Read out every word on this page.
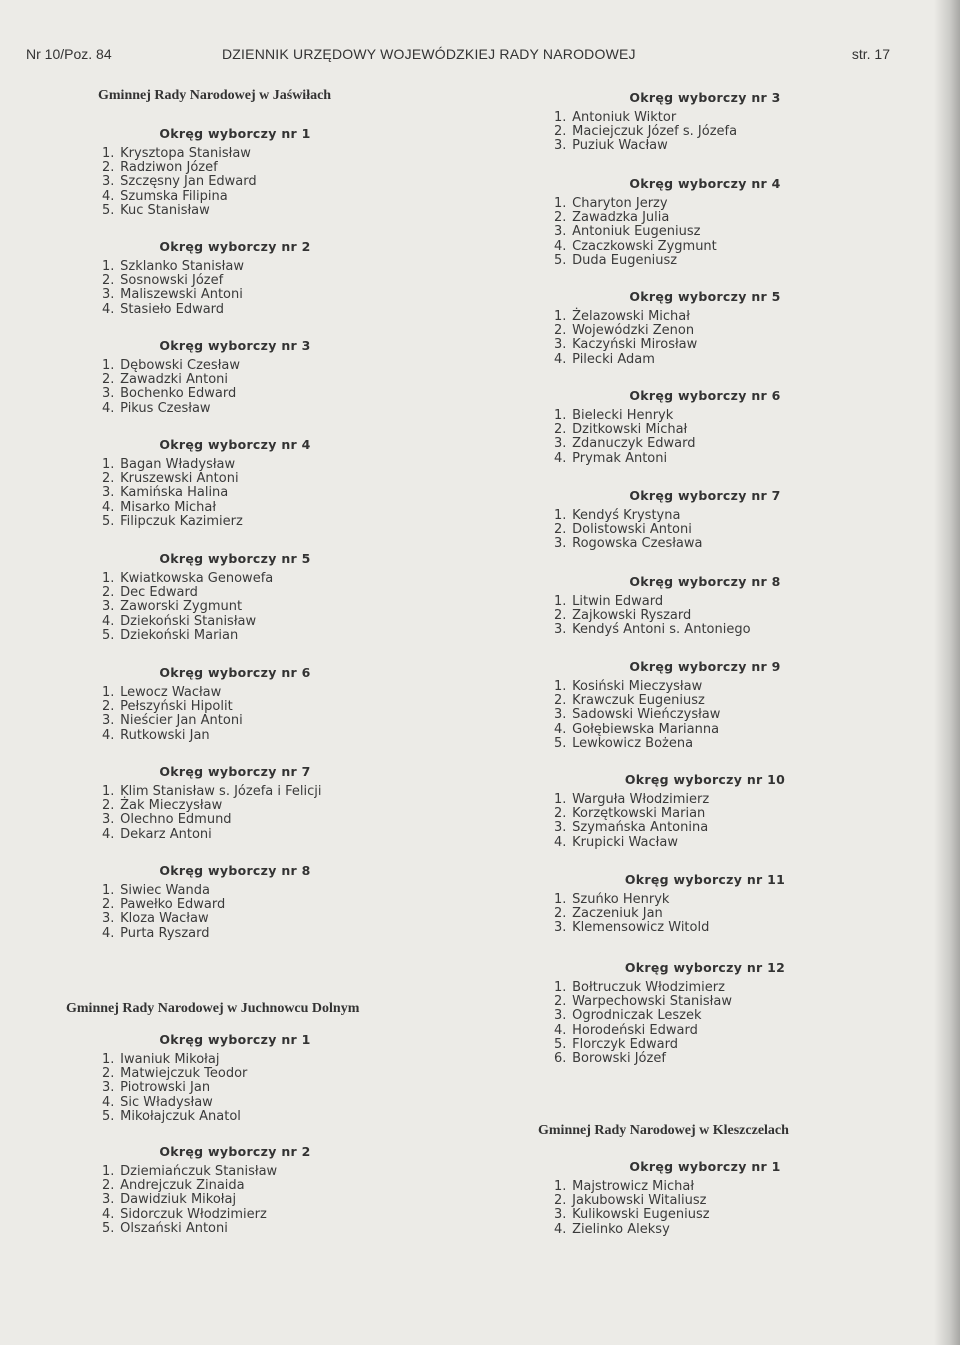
Nr 10/Poz. 84	DZIENNIK URZĘDOWY WOJEWÓDZKIEJ RADY NARODOWEJ	str. 17
Gminnej Rady Narodowej w Jaświłach
Okręg wyborczy nr 1
1. Krysztopa Stanisław
2. Radziwon Józef
3. Szczęsny Jan Edward
4. Szumska Filipina
5. Kuc Stanisław
Okręg wyborczy nr 2
1. Szklanko Stanisław
2. Sosnowski Józef
3. Maliszewski Antoni
4. Stasieło Edward
Okręg wyborczy nr 3
1. Dębowski Czesław
2. Zawadzki Antoni
3. Bochenko Edward
4. Pikus Czesław
Okręg wyborczy nr 4
1. Bagan Władysław
2. Kruszewski Antoni
3. Kamińska Halina
4. Misarko Michał
5. Filipczuk Kazimierz
Okręg wyborczy nr 5
1. Kwiatkowska Genowefa
2. Dec Edward
3. Zaworski Zygmunt
4. Dziekoński Stanisław
5. Dziekoński Marian
Okręg wyborczy nr 6
1. Lewocz Wacław
2. Pełszyński Hipolit
3. Nieścier Jan Antoni
4. Rutkowski Jan
Okręg wyborczy nr 7
1. Klim Stanisław s. Józefa i Felicji
2. Żak Mieczysław
3. Olechno Edmund
4. Dekarz Antoni
Okręg wyborczy nr 8
1. Siwiec Wanda
2. Pawełko Edward
3. Kloza Wacław
4. Purta Ryszard
Gminnej Rady Narodowej w Juchnowcu Dolnym
Okręg wyborczy nr 1
1. Iwaniuk Mikołaj
2. Matwiejczuk Teodor
3. Piotrowski Jan
4. Sic Władysław
5. Mikołajczuk Anatol
Okręg wyborczy nr 2
1. Dziemiańczuk Stanisław
2. Andrejczuk Zinaida
3. Dawidziuk Mikołaj
4. Sidorczuk Włodzimierz
5. Olszański Antoni
Okręg wyborczy nr 3
1. Antoniuk Wiktor
2. Maciejczuk Józef s. Józefa
3. Puziuk Wacław
Okręg wyborczy nr 4
1. Charyton Jerzy
2. Zawadzka Julia
3. Antoniuk Eugeniusz
4. Czaczkowski Zygmunt
5. Duda Eugeniusz
Okręg wyborczy nr 5
1. Żelazowski Michał
2. Wojewódzki Zenon
3. Kaczyński Mirosław
4. Pilecki Adam
Okręg wyborczy nr 6
1. Bielecki Henryk
2. Dzitkowski Michał
3. Zdanuczyk Edward
4. Prymak Antoni
Okręg wyborczy nr 7
1. Kendyś Krystyna
2. Dolistowski Antoni
3. Rogowska Czesława
Okręg wyborczy nr 8
1. Litwin Edward
2. Zajkowski Ryszard
3. Kendyś Antoni s. Antoniego
Okręg wyborczy nr 9
1. Kosiński Mieczysław
2. Krawczuk Eugeniusz
3. Sadowski Wieńczysław
4. Gołębiewska Marianna
5. Lewkowicz Bożena
Okręg wyborczy nr 10
1. Warguła Włodzimierz
2. Korzętkowski Marian
3. Szymańska Antonina
4. Krupicki Wacław
Okręg wyborczy nr 11
1. Szuńko Henryk
2. Zaczeniuk Jan
3. Klemensowicz Witold
Okręg wyborczy nr 12
1. Bołtruczuk Włodzimierz
2. Warpechowski Stanisław
3. Ogrodniczak Leszek
4. Horodeński Edward
5. Florczyk Edward
6. Borowski Józef
Gminnej Rady Narodowej w Kleszczelach
Okręg wyborczy nr 1
1. Majstrowicz Michał
2. Jakubowski Witaliusz
3. Kulikowski Eugeniusz
4. Zielinko Aleksy
